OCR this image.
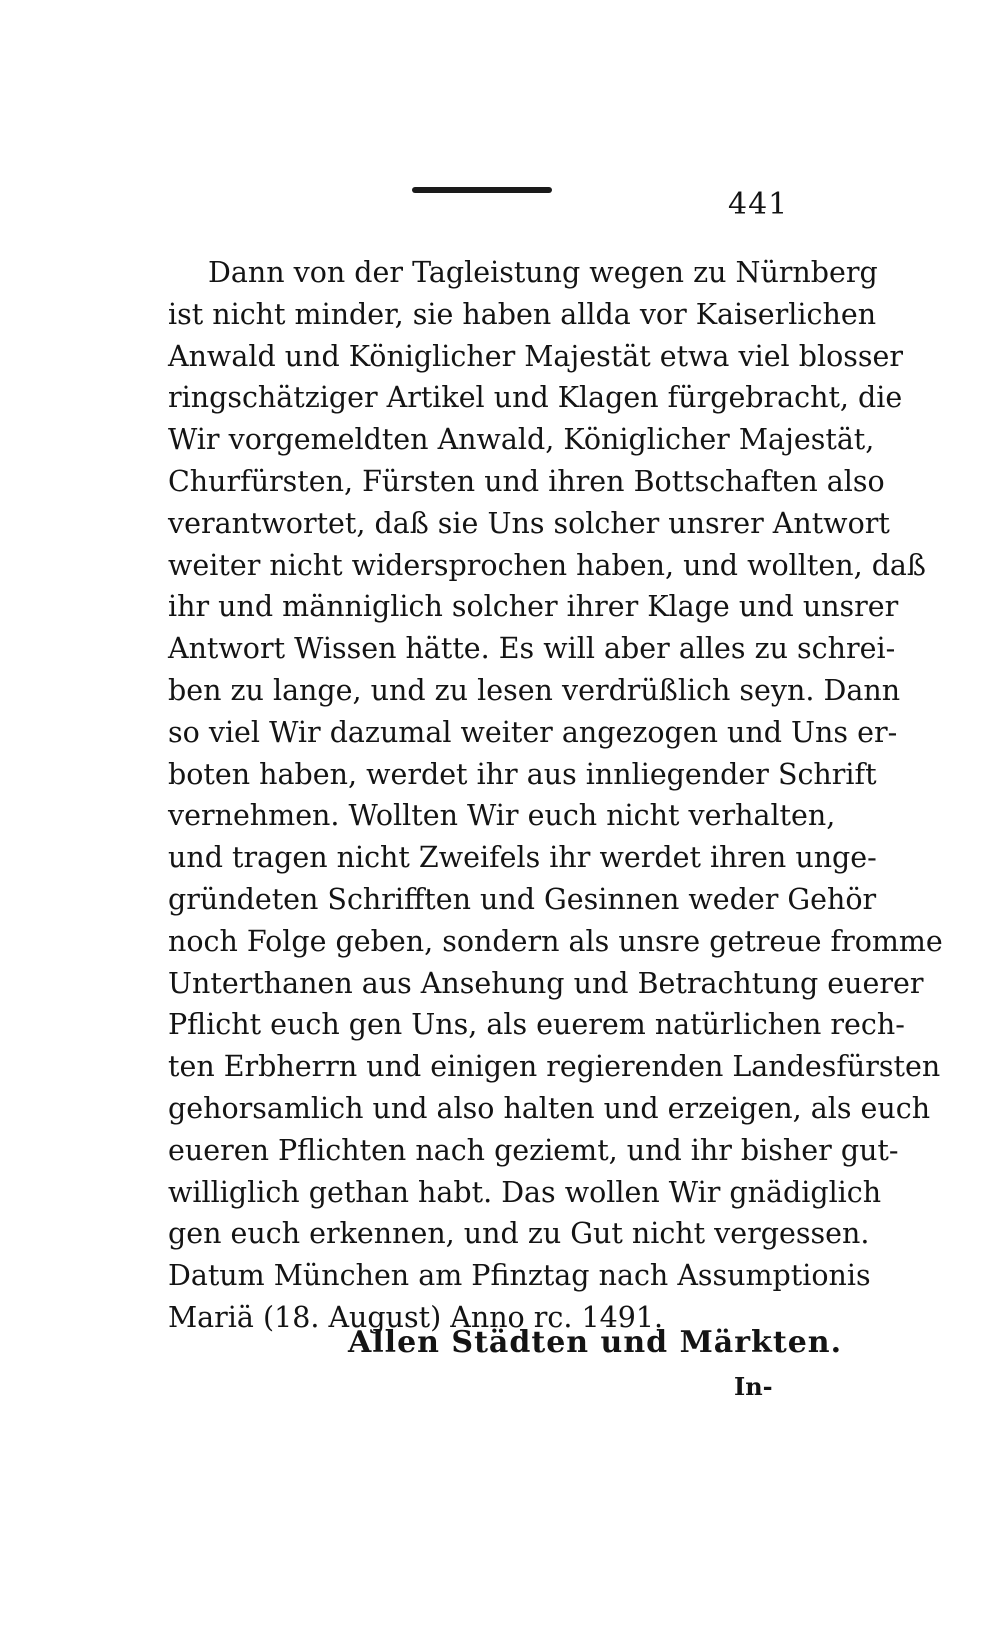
441
Dann von der Tagleistung wegen zu Nürnberg
ist nicht minder, sie haben allda vor Kaiserlichen
Anwald und Königlicher Majestät etwa viel blosser
ringschätziger Artikel und Klagen fürgebracht, die
Wir vorgemeldten Anwald, Königlicher Majestät,
Churfürsten, Fürsten und ihren Bottschaften also
verantwortet, daß sie Uns solcher unsrer Antwort
weiter nicht widersprochen haben, und wollten, daß
ihr und männiglich solcher ihrer Klage und unsrer
Antwort Wissen hätte. Es will aber alles zu schrei-
ben zu lange, und zu lesen verdrüßlich seyn. Dann
so viel Wir dazumal weiter angezogen und Uns er-
boten haben, werdet ihr aus innliegender Schrift
vernehmen. Wollten Wir euch nicht verhalten,
und tragen nicht Zweifels ihr werdet ihren unge-
gründeten Schrifften und Gesinnen weder Gehör
noch Folge geben, sondern als unsre getreue fromme
Unterthanen aus Ansehung und Betrachtung euerer
Pflicht euch gen Uns, als euerem natürlichen rech-
ten Erbherrn und einigen regierenden Landesfürsten
gehorsamlich und also halten und erzeigen, als euch
eueren Pflichten nach geziemt, und ihr bisher gut-
williglich gethan habt. Das wollen Wir gnädiglich
gen euch erkennen, und zu Gut nicht vergessen.
Datum München am Pfinztag nach Assumptionis
Mariä (18. August) Anno rc. 1491.
Allen Städten und Märkten.
In-
